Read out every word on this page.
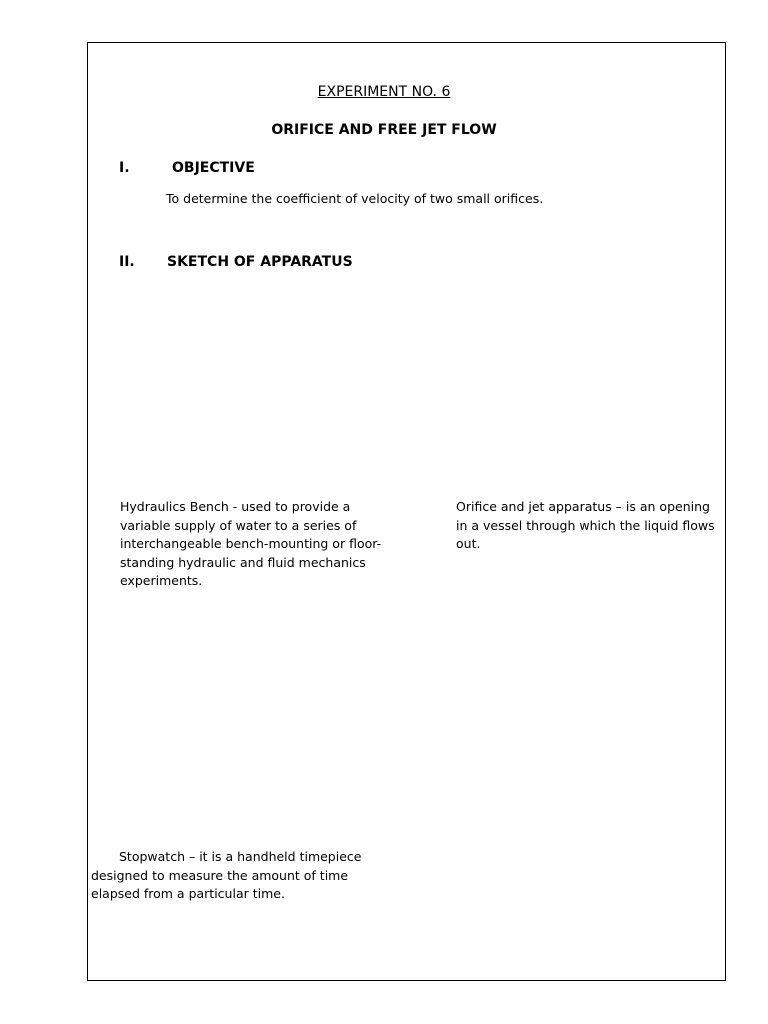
EXPERIMENT NO. 6
ORIFICE AND FREE JET FLOW
I.	OBJECTIVE
To determine the coefficient of velocity of two small orifices.
II. SKETCH OF APPARATUS
Hydraulics Bench - used to provide a
variable supply of water to a series of
interchangeable bench-mounting or floor-
standing hydraulic and fluid mechanics
experiments.
Orifice and jet apparatus – is an opening
in a vessel through which the liquid flows
out.
Stopwatch – it is a handheld timepiece
designed to measure the amount of time
elapsed from a particular time.
